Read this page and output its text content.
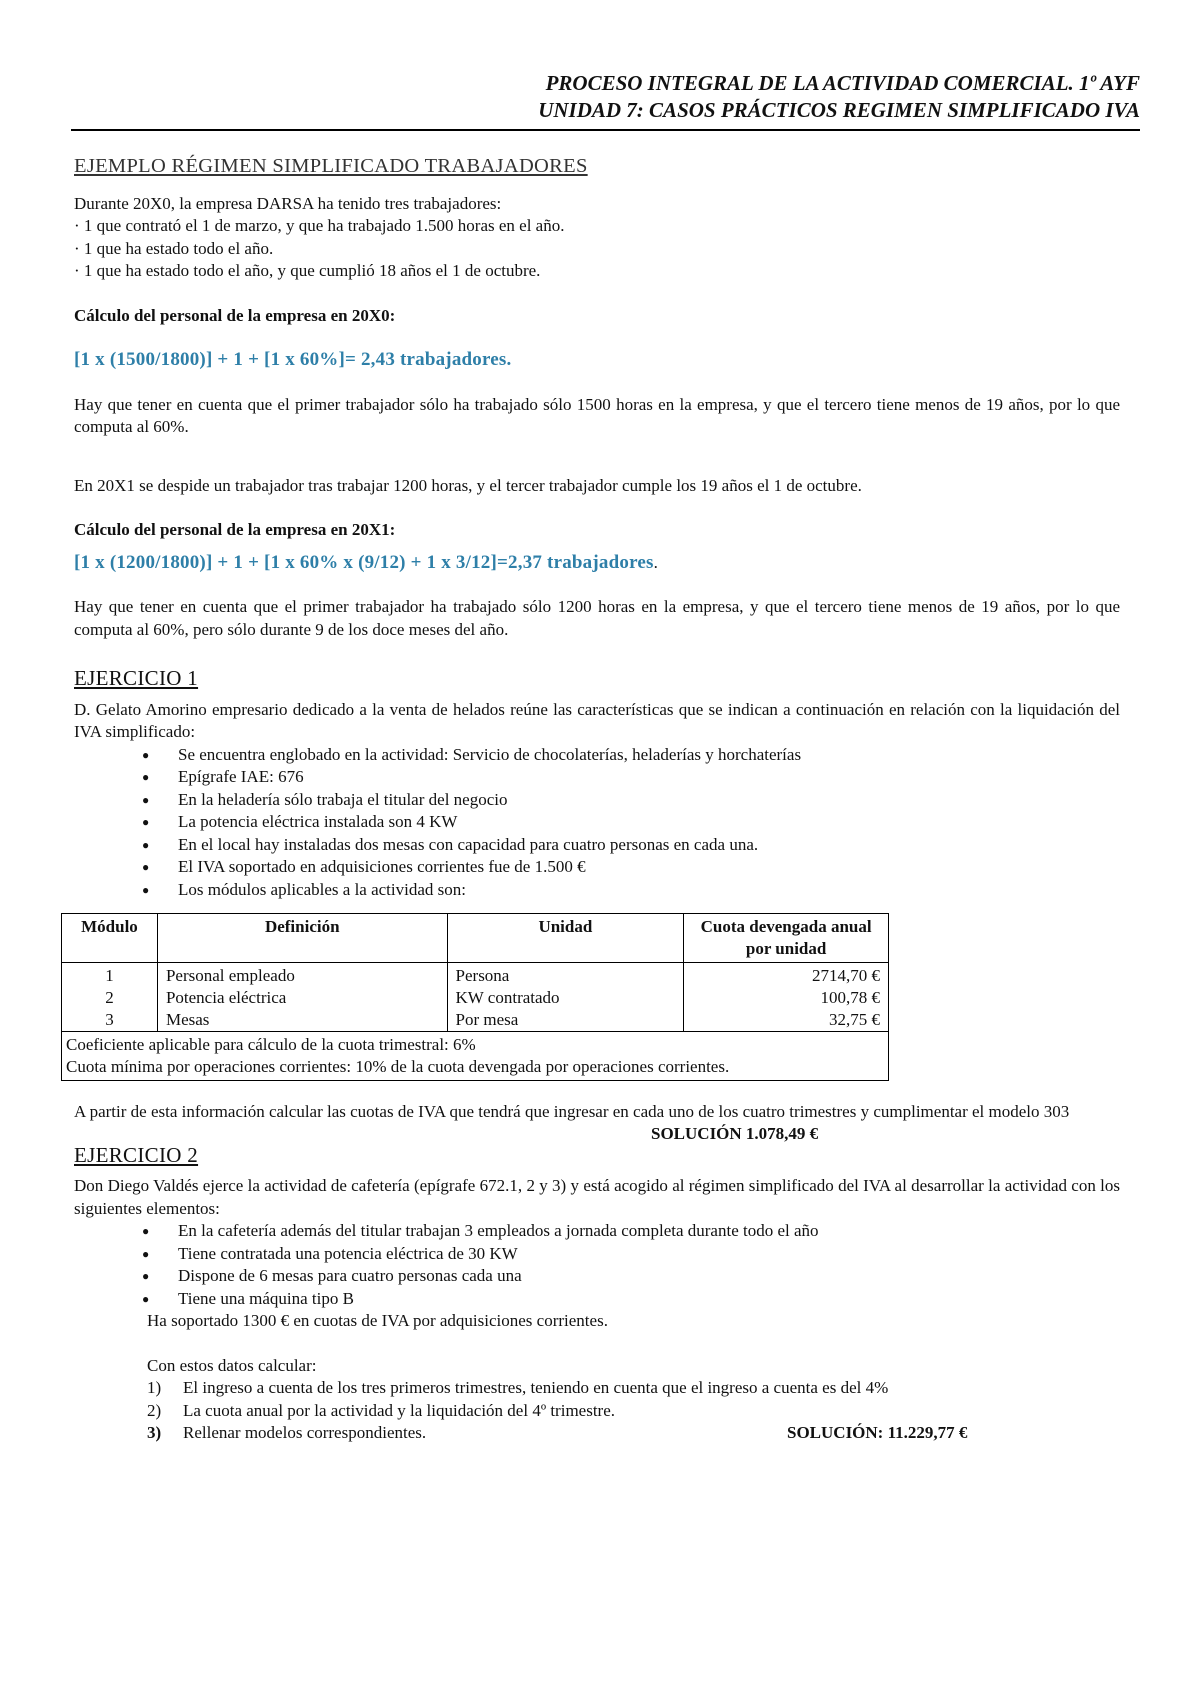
PROCESO INTEGRAL DE LA ACTIVIDAD COMERCIAL. 1º AYF
UNIDAD 7: CASOS PRÁCTICOS REGIMEN SIMPLIFICADO IVA
EJEMPLO RÉGIMEN SIMPLIFICADO TRABAJADORES

Durante 20X0, la empresa DARSA ha tenido tres trabajadores:

· 1 que contrató el 1 de marzo, y que ha trabajado 1.500 horas en el año.

· 1 que ha estado todo el año.

· 1 que ha estado todo el año, y que cumplió 18 años el 1 de octubre.

Cálculo del personal de la empresa en 20X0:

[1 x (1500/1800)] + 1 + [1 x 60%]= 2,43 trabajadores.

Hay que tener en cuenta que el primer trabajador sólo ha trabajado sólo 1500 horas en la empresa, y que el tercero tiene menos de 19 años, por lo que computa al 60%.

En 20X1 se despide un trabajador tras trabajar 1200 horas, y el tercer trabajador cumple los 19 años el 1 de octubre.

Cálculo del personal de la empresa en 20X1:

[1 x (1200/1800)] + 1 + [1 x 60% x (9/12) + 1 x 3/12]=2,37 trabajadores.

Hay que tener en cuenta que el primer trabajador ha trabajado sólo 1200 horas en la empresa, y que el tercero tiene menos de 19 años, por lo que computa al 60%, pero sólo durante 9 de los doce meses del año.

EJERCICIO 1

D. Gelato Amorino empresario dedicado a la venta de helados reúne las características que se indican a continuación en relación con la liquidación del IVA simplificado:

● Se encuentra englobado en la actividad: Servicio de chocolaterías, heladerías y horchaterías
● Epígrafe IAE: 676
● En la heladería sólo trabaja el titular del negocio
● La potencia eléctrica instalada son 4 KW
● En el local hay instaladas dos mesas con capacidad para cuatro personas en cada una.
● El IVA soportado en adquisiciones corrientes fue de 1.500 €
● Los módulos aplicables a la actividad son:
Módulo	Definición	Unidad	Cuota devengada anual por unidad
1	Personal empleado	Persona	2714,70 €
2	Potencia eléctrica	KW contratado	100,78 €
3	Mesas	Por mesa	32,75 €

Coeficiente aplicable para cálculo de la cuota trimestral: 6%
Cuota mínima por operaciones corrientes: 10% de la cuota devengada por operaciones corrientes.			

A partir de esta información calcular las cuotas de IVA que tendrá que ingresar en cada uno de los cuatro trimestres y cumplimentar el modelo 303

SOLUCIÓN 1.078,49 €
EJERCICIO 2

Don Diego Valdés ejerce la actividad de cafetería (epígrafe 672.1, 2 y 3) y está acogido al régimen simplificado del IVA al desarrollar la actividad con los siguientes elementos:

● En la cafetería además del titular trabajan 3 empleados a jornada completa durante todo el año
● Tiene contratada una potencia eléctrica de 30 KW
● Dispone de 6 mesas para cuatro personas cada una
● Tiene una máquina tipo B

Ha soportado 1300 € en cuotas de IVA por adquisiciones corrientes.

Con estos datos calcular:

1) El ingreso a cuenta de los tres primeros trimestres, teniendo en cuenta que el ingreso a cuenta es del 4%
2) La cuota anual por la actividad y la liquidación del 4º trimestre.
3) Rellenar modelos correspondientes.	SOLUCIÓN: 11.229,77 €
